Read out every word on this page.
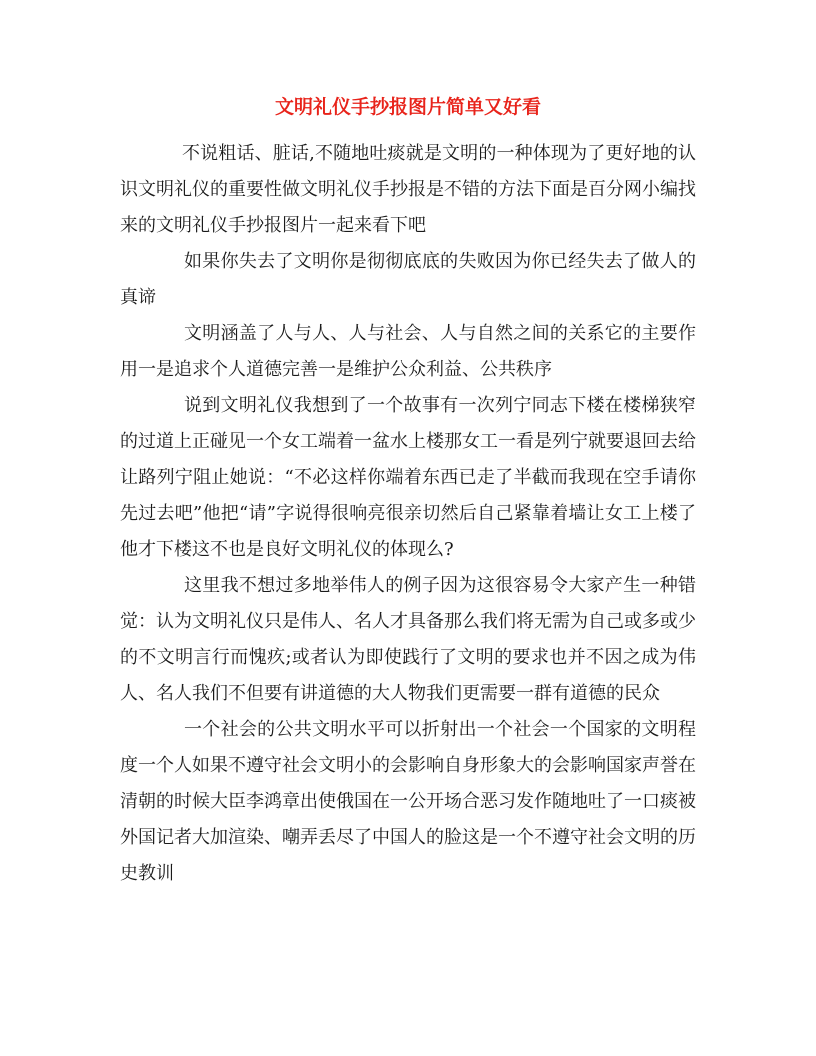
文明礼仪手抄报图片简单又好看

不说粗话、脏话,不随地吐痰就是文明的一种体现为了更好地的认识文明礼仪的重要性做文明礼仪手抄报是不错的方法下面是百分网小编找来的文明礼仪手抄报图片一起来看下吧

如果你失去了文明你是彻彻底底的失败因为你已经失去了做人的真谛

文明涵盖了人与人、人与社会、人与自然之间的关系它的主要作用一是追求个人道德完善一是维护公众利益、公共秩序

说到文明礼仪我想到了一个故事有一次列宁同志下楼在楼梯狭窄的过道上正碰见一个女工端着一盆水上楼那女工一看是列宁就要退回去给让路列宁阻止她说：“不必这样你端着东西已走了半截而我现在空手请你先过去吧”他把“请”字说得很响亮很亲切然后自己紧靠着墙让女工上楼了他才下楼这不也是良好文明礼仪的体现么?

这里我不想过多地举伟人的例子因为这很容易令大家产生一种错觉：认为文明礼仪只是伟人、名人才具备那么我们将无需为自己或多或少的不文明言行而愧疚;或者认为即使践行了文明的要求也并不因之成为伟人、名人我们不但要有讲道德的大人物我们更需要一群有道德的民众

一个社会的公共文明水平可以折射出一个社会一个国家的文明程度一个人如果不遵守社会文明小的会影响自身形象大的会影响国家声誉在清朝的时候大臣李鸿章出使俄国在一公开场合恶习发作随地吐了一口痰被外国记者大加渲染、嘲弄丢尽了中国人的脸这是一个不遵守社会文明的历史教训
